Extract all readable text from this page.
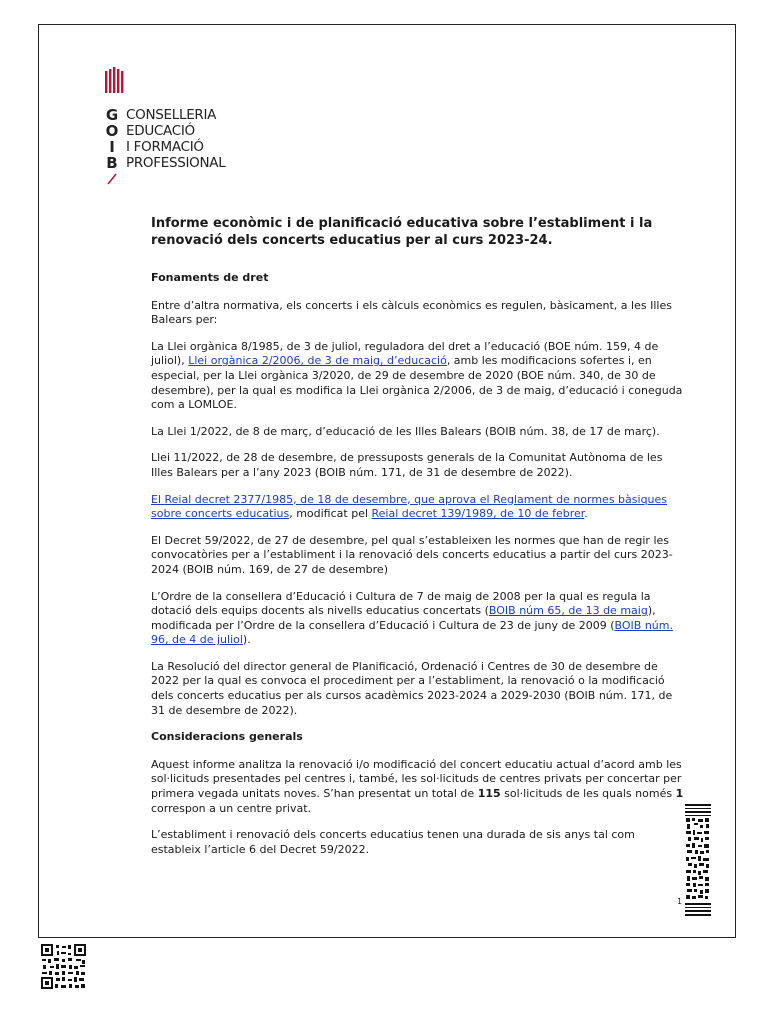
G
O
I
B
CONSELLERIA
EDUCACIÓ
I FORMACIÓ
PROFESSIONAL
Informe econòmic i de planificació educativa sobre l’establiment i la renovació dels concerts educatius per al curs 2023-24.
Fonaments de dret

Entre d’altra normativa, els concerts i els càlculs econòmics es regulen, bàsicament, a les Illes Balears per:

La Llei orgànica 8/1985, de 3 de juliol, reguladora del dret a l’educació (BOE núm. 159, 4 de juliol), Llei orgànica 2/2006, de 3 de maig, d’educació, amb les modificacions sofertes i, en especial, per la Llei orgànica 3/2020, de 29 de desembre de 2020 (BOE núm. 340, de 30 de desembre), per la qual es modifica la Llei orgànica 2/2006, de 3 de maig, d’educació i coneguda com a LOMLOE.

La Llei 1/2022, de 8 de març, d’educació de les Illes Balears (BOIB núm. 38, de 17 de març).

Llei 11/2022, de 28 de desembre, de pressuposts generals de la Comunitat Autònoma de les Illes Balears per a l’any 2023 (BOIB núm. 171, de 31 de desembre de 2022).

El Reial decret 2377/1985, de 18 de desembre, que aprova el Reglament de normes bàsiques sobre concerts educatius, modificat pel Reial decret 139/1989, de 10 de febrer.

El Decret 59/2022, de 27 de desembre, pel qual s’estableixen les normes que han de regir les convocatòries per a l’establiment i la renovació dels concerts educatius a partir del curs 2023-2024 (BOIB núm. 169, de 27 de desembre)

L’Ordre de la consellera d’Educació i Cultura de 7 de maig de 2008 per la qual es regula la dotació dels equips docents als nivells educatius concertats (BOIB núm 65, de 13 de maig), modificada per l’Ordre de la consellera d’Educació i Cultura de 23 de juny de 2009 (BOIB núm. 96, de 4 de juliol).

La Resolució del director general de Planificació, Ordenació i Centres de 30 de desembre de 2022 per la qual es convoca el procediment per a l’establiment, la renovació o la modificació dels concerts educatius per als cursos acadèmics 2023-2024 a 2029-2030 (BOIB núm. 171, de 31 de desembre de 2022).

Consideracions generals

Aquest informe analitza la renovació i/o modificació del concert educatiu actual d’acord amb les sol·licituds presentades pel centres i, també, les sol·licituds de centres privats per concertar per primera vegada unitats noves. S’han presentat un total de 115 sol·licituds de les quals només 1 correspon a un centre privat.

L’establiment i renovació dels concerts educatius tenen una durada de sis anys tal com estableix l’article 6 del Decret 59/2022.

1
